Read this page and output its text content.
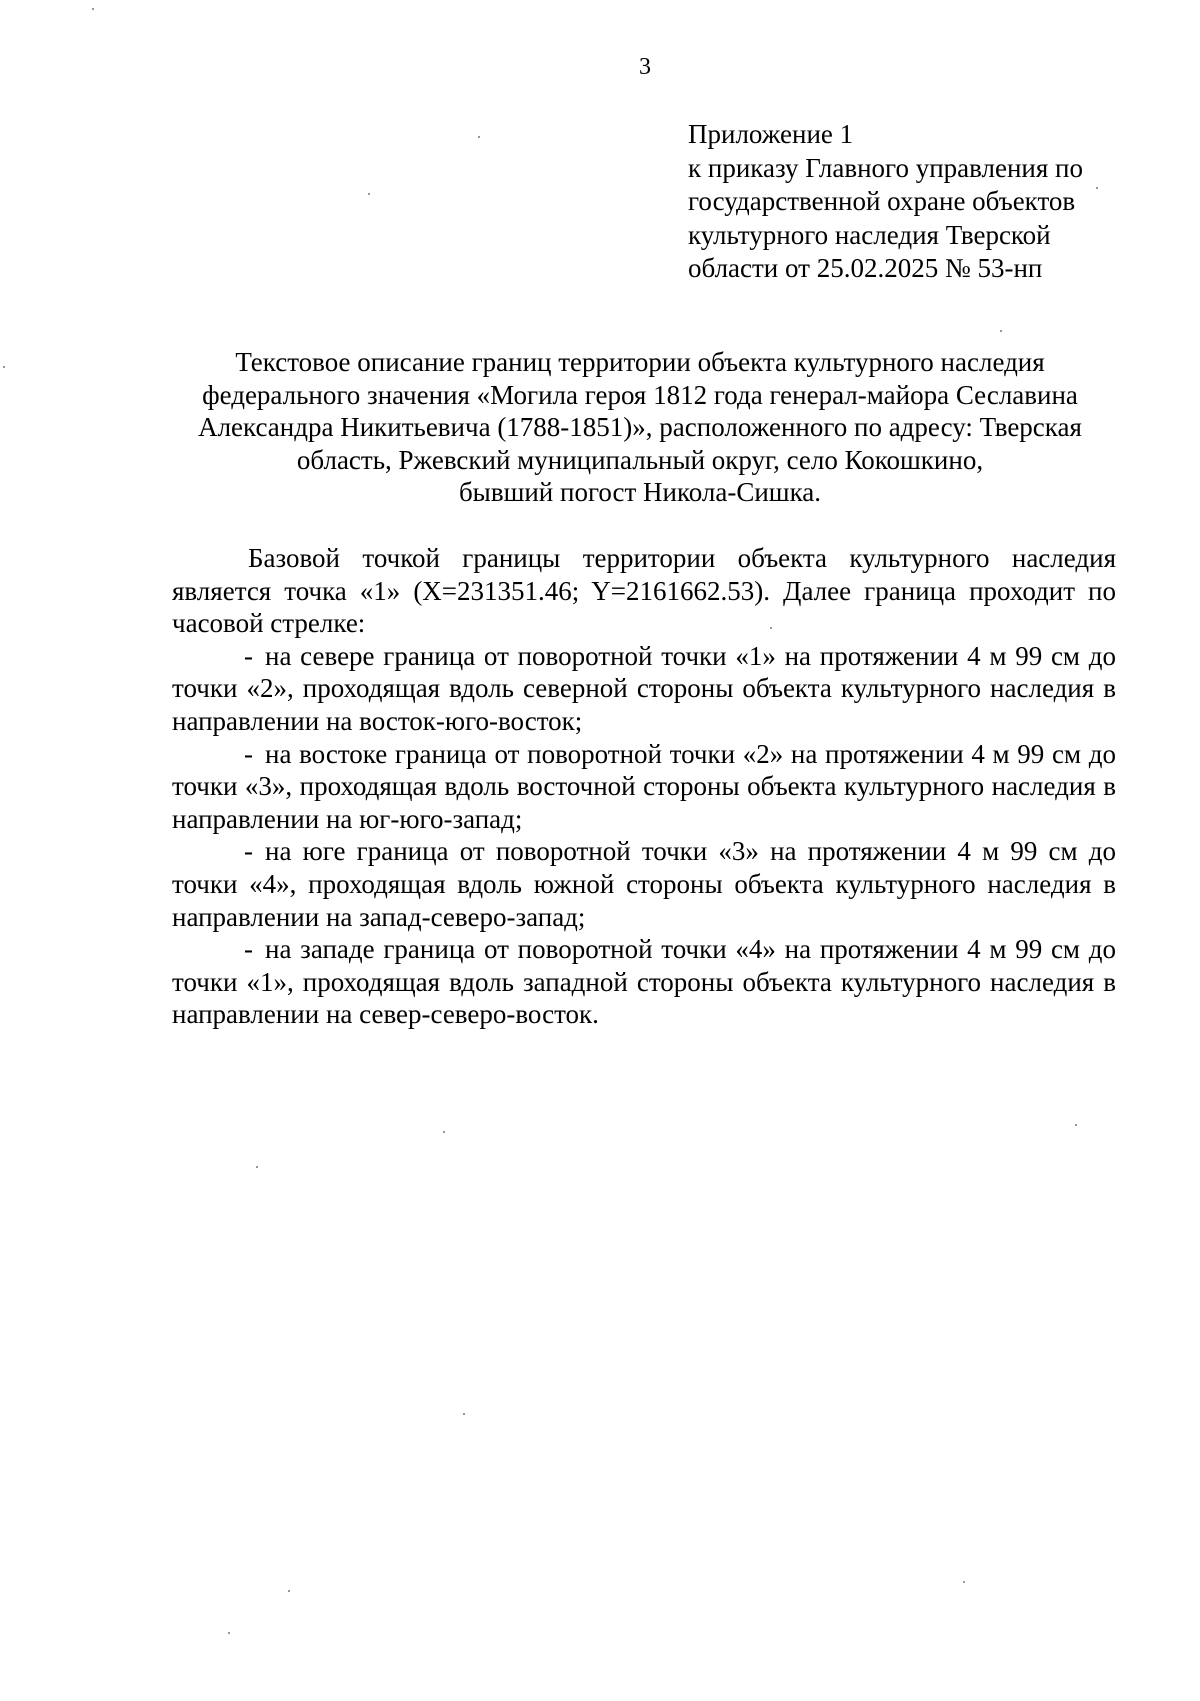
3
Приложение 1
к приказу Главного управления по
государственной охране объектов
культурного наследия Тверской
области от 25.02.2025 № 53-нп
Текстовое описание границ территории объекта культурного наследия
федерального значения «Могила героя 1812 года генерал-майора Сеславина
Александра Никитьевича (1788-1851)», расположенного по адресу: Тверская
область, Ржевский муниципальный округ, село Кокошкино,
бывший погост Никола-Сишка.

Базовой точкой границы территории объекта культурного наследия является точка «1» (X=231351.46; Y=2161662.53). Далее граница проходит по часовой стрелке:

- на севере граница от поворотной точки «1» на протяжении 4 м 99 см до точки «2», проходящая вдоль северной стороны объекта культурного наследия в направлении на восток-юго-восток;

- на востоке граница от поворотной точки «2» на протяжении 4 м 99 см до точки «3», проходящая вдоль восточной стороны объекта культурного наследия в направлении на юг-юго-запад;

- на юге граница от поворотной точки «3» на протяжении 4 м 99 см до точки «4», проходящая вдоль южной стороны объекта культурного наследия в направлении на запад-северо-запад;

- на западе граница от поворотной точки «4» на протяжении 4 м 99 см до точки «1», проходящая вдоль западной стороны объекта культурного наследия в направлении на север-северо-восток.
